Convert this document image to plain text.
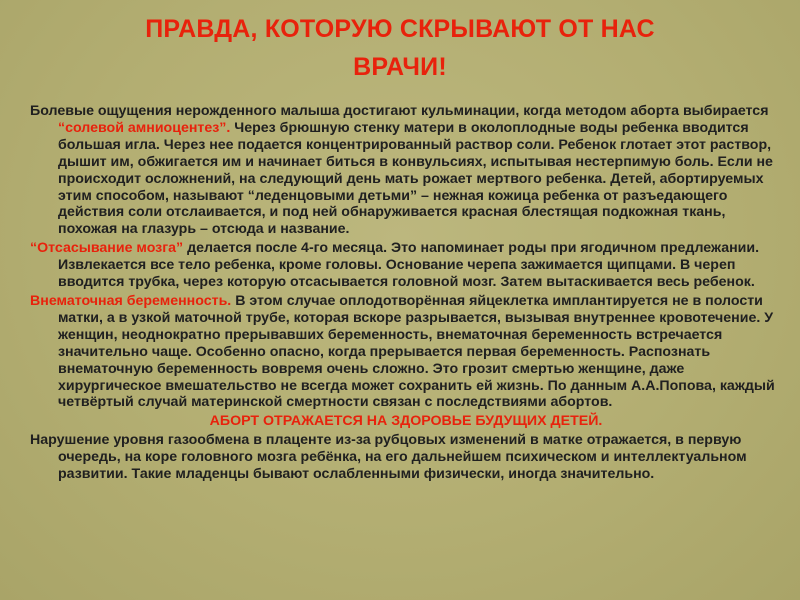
ПРАВДА, КОТОРУЮ СКРЫВАЮТ ОТ НАС
ВРАЧИ!

Болевые ощущения нерожденного малыша достигают кульминации, когда методом аборта выбирается “солевой амниоцентез”. Через брюшную стенку матери в околоплодные воды ребенка вводится большая игла. Через нее подается концентрированный раствор соли. Ребенок глотает этот раствор, дышит им, обжигается им и начинает биться в конвульсиях, испытывая нестерпимую боль. Если не происходит осложнений, на следующий день мать рожает мертвого ребенка. Детей, абортируемых этим способом, называют “леденцовыми детьми” – нежная кожица ребенка от разъедающего действия соли отслаивается, и под ней обнаруживается красная блестящая подкожная ткань, похожая на глазурь – отсюда и название.

“Отсасывание мозга” делается после 4-го месяца. Это напоминает роды при ягодичном предлежании. Извлекается все тело ребенка, кроме головы. Основание черепа зажимается щипцами. В череп вводится трубка, через которую отсасывается головной мозг. Затем вытаскивается весь ребенок.

Внематочная беременность. В этом случае оплодотворённая яйцеклетка имплантируется не в полости матки, а в узкой маточной трубе, которая вскоре разрывается, вызывая внутреннее кровотечение. У женщин, неоднократно прерывавших беременность, внематочная беременность встречается значительно чаще. Особенно опасно, когда прерывается первая беременность. Распознать внематочную беременность вовремя очень сложно. Это грозит смертью женщине, даже хирургическое вмешательство не всегда может сохранить ей жизнь. По данным А.А.Попова, каждый четвёртый случай материнской смертности связан с последствиями абортов.

АБОРТ ОТРАЖАЕТСЯ НА ЗДОРОВЬЕ БУДУЩИХ ДЕТЕЙ.

Нарушение уровня газообмена в плаценте из-за рубцовых изменений в матке отражается, в первую очередь, на коре головного мозга ребёнка, на его дальнейшем психическом и интеллектуальном развитии. Такие младенцы бывают ослабленными физически, иногда значительно.
